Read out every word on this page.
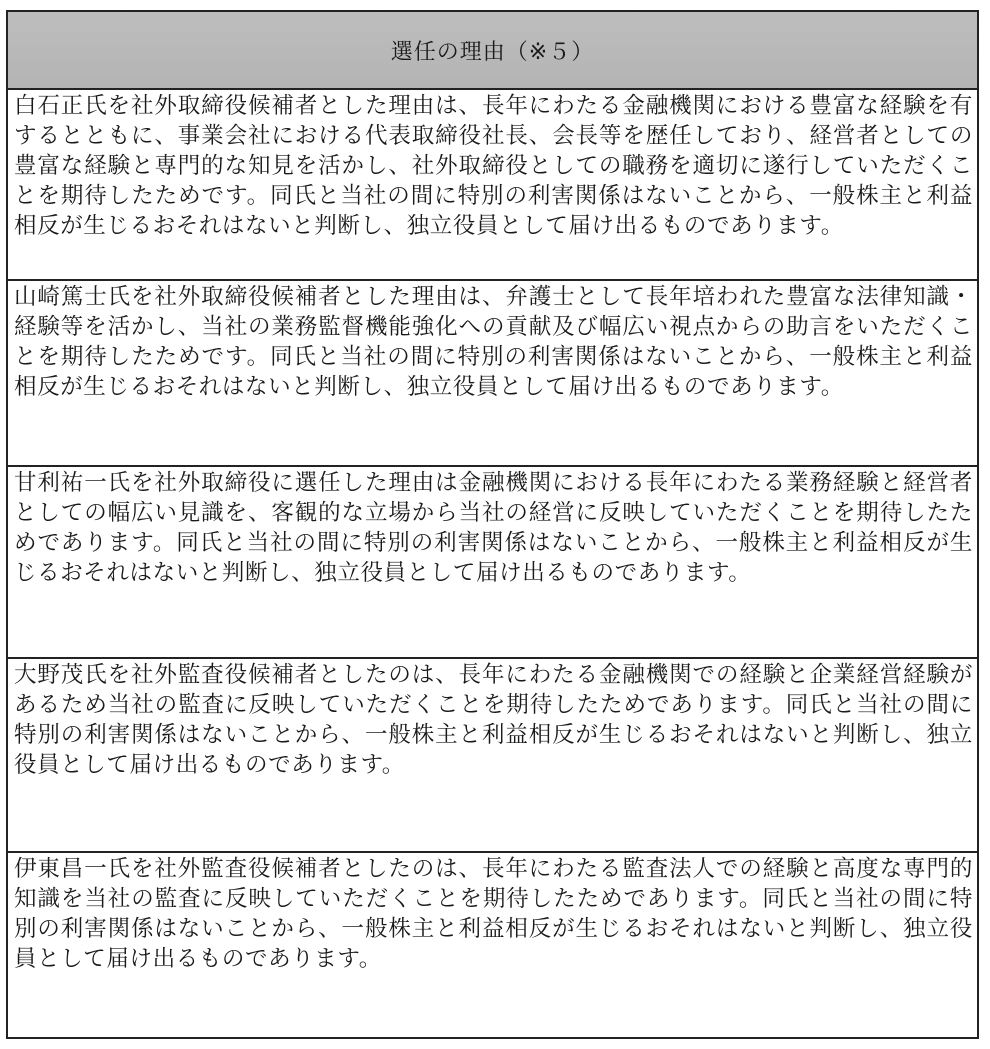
選任の理由（※５）
白石正氏を社外取締役候補者とした理由は、長年にわたる金融機関における豊富な経験を有するとともに、事業会社における代表取締役社長、会長等を歴任しており、経営者としての豊富な経験と専門的な知見を活かし、社外取締役としての職務を適切に遂行していただくことを期待したためです。同氏と当社の間に特別の利害関係はないことから、一般株主と利益相反が生じるおそれはないと判断し、独立役員として届け出るものであります。
山崎篤士氏を社外取締役候補者とした理由は、弁護士として長年培われた豊富な法律知識・経験等を活かし、当社の業務監督機能強化への貢献及び幅広い視点からの助言をいただくことを期待したためです。同氏と当社の間に特別の利害関係はないことから、一般株主と利益相反が生じるおそれはないと判断し、独立役員として届け出るものであります。
甘利祐一氏を社外取締役に選任した理由は金融機関における長年にわたる業務経験と経営者としての幅広い見識を、客観的な立場から当社の経営に反映していただくことを期待したためであります。同氏と当社の間に特別の利害関係はないことから、一般株主と利益相反が生じるおそれはないと判断し、独立役員として届け出るものであります。
大野茂氏を社外監査役候補者としたのは、長年にわたる金融機関での経験と企業経営経験があるため当社の監査に反映していただくことを期待したためであります。同氏と当社の間に特別の利害関係はないことから、一般株主と利益相反が生じるおそれはないと判断し、独立役員として届け出るものであります。
伊東昌一氏を社外監査役候補者としたのは、長年にわたる監査法人での経験と高度な専門的知識を当社の監査に反映していただくことを期待したためであります。同氏と当社の間に特別の利害関係はないことから、一般株主と利益相反が生じるおそれはないと判断し、独立役員として届け出るものであります。
